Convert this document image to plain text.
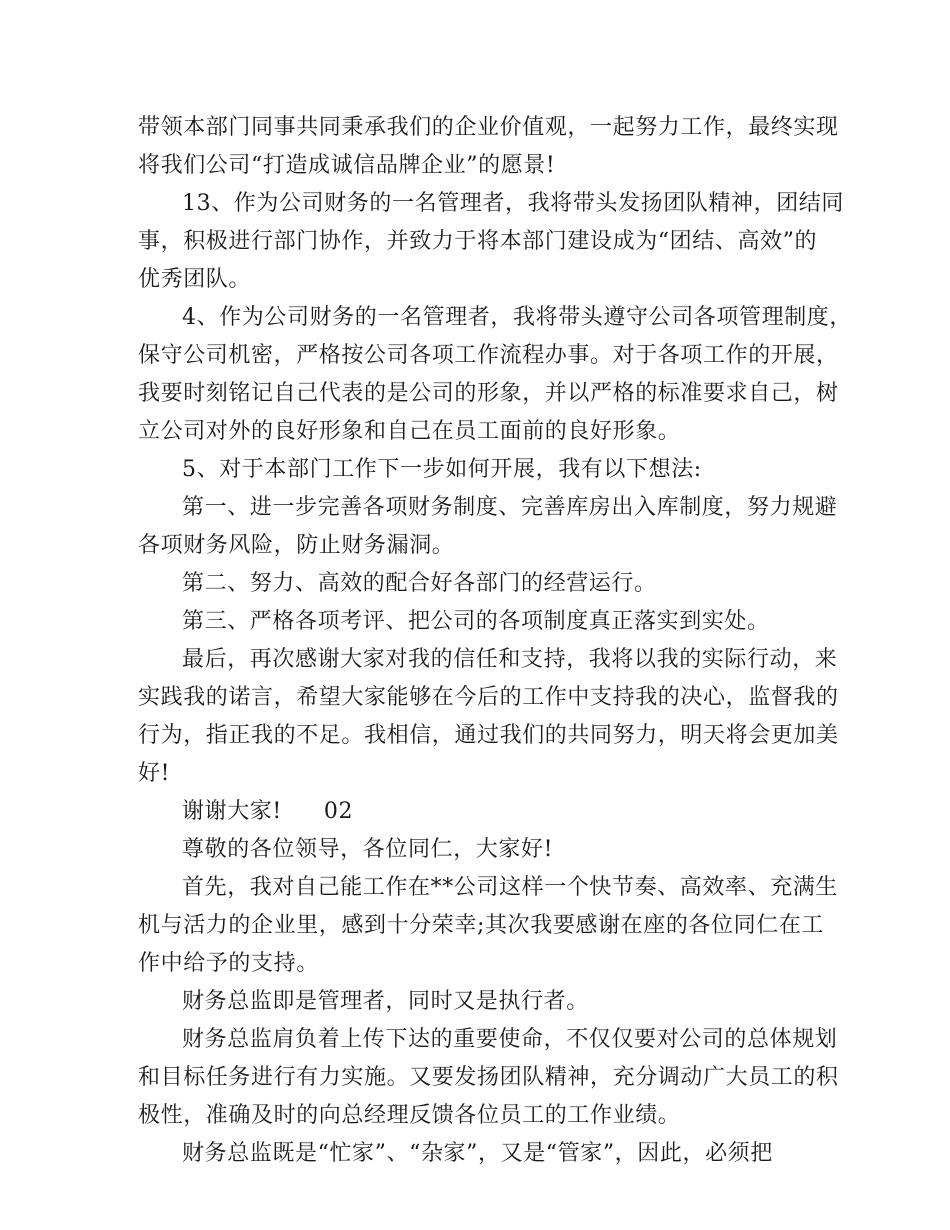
带领本部门同事共同秉承我们的企业价值观，一起努力工作，最终实现
将我们公司“打造成诚信品牌企业”的愿景!
13、作为公司财务的一名管理者，我将带头发扬团队精神，团结同
事，积极进行部门协作，并致力于将本部门建设成为“团结、高效”的
优秀团队。
4、作为公司财务的一名管理者，我将带头遵守公司各项管理制度，
保守公司机密，严格按公司各项工作流程办事。对于各项工作的开展，
我要时刻铭记自己代表的是公司的形象，并以严格的标准要求自己，树
立公司对外的良好形象和自己在员工面前的良好形象。
5、对于本部门工作下一步如何开展，我有以下想法:
第一、进一步完善各项财务制度、完善库房出入库制度，努力规避
各项财务风险，防止财务漏洞。
第二、努力、高效的配合好各部门的经营运行。
第三、严格各项考评、把公司的各项制度真正落实到实处。
最后，再次感谢大家对我的信任和支持，我将以我的实际行动，来
实践我的诺言，希望大家能够在今后的工作中支持我的决心，监督我的
行为，指正我的不足。我相信，通过我们的共同努力，明天将会更加美
好!
谢谢大家! 02
尊敬的各位领导，各位同仁，大家好!
首先，我对自己能工作在**公司这样一个快节奏、高效率、充满生
机与活力的企业里，感到十分荣幸;其次我要感谢在座的各位同仁在工
作中给予的支持。
财务总监即是管理者，同时又是执行者。
财务总监肩负着上传下达的重要使命，不仅仅要对公司的总体规划
和目标任务进行有力实施。又要发扬团队精神，充分调动广大员工的积
极性，准确及时的向总经理反馈各位员工的工作业绩。
财务总监既是“忙家”、“杂家”，又是“管家”，因此，必须把
